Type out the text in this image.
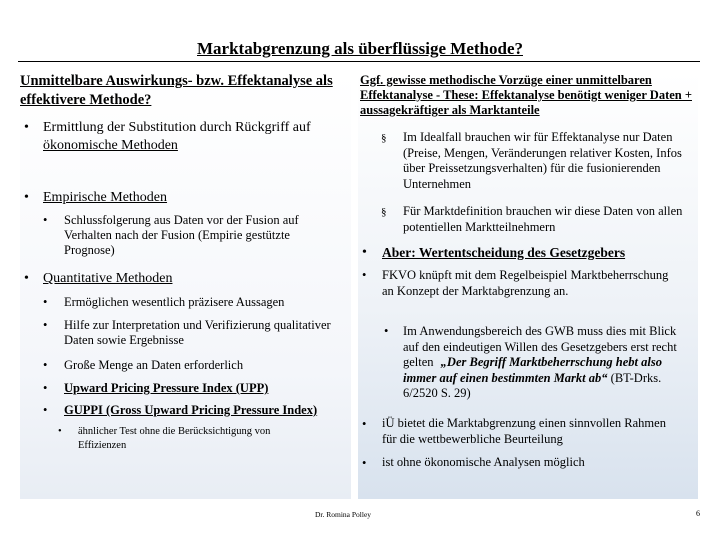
Marktabgrenzung als überflüssige Methode?
Unmittelbare Auswirkungs- bzw. Effektanalyse als effektivere Methode?
• Ermittlung der Substitution durch Rückgriff auf
ökonomische Methoden
• Empirische Methoden
• Schlussfolgerung aus Daten vor der Fusion auf Verhalten nach der Fusion (Empirie gestützte Prognose)
• Quantitative Methoden
• Ermöglichen wesentlich präzisere Aussagen
• Hilfe zur Interpretation und Verifizierung qualitativer Daten sowie Ergebnisse
• Große Menge an Daten erforderlich
• Upward Pricing Pressure Index (UPP)
• GUPPI (Gross Upward Pricing Pressure Index)
• ähnlicher Test ohne die Berücksichtigung von Effizienzen
Ggf. gewisse methodische Vorzüge einer unmittelbaren Effektanalyse - These: Effektanalyse benötigt weniger Daten + aussagekräftiger als Marktanteile
§ Im Idealfall brauchen wir für Effektanalyse nur Daten (Preise, Mengen, Veränderungen relativer Kosten, Infos über Preissetzungsverhalten) für die fusionierenden Unternehmen
§ Für Marktdefinition brauchen wir diese Daten von allen potentiellen Marktteilnehmern
• Aber: Wertentscheidung des Gesetzgebers
• FKVO knüpft mit dem Regelbeispiel Marktbeherrschung an Konzept der Marktabgrenzung an.
• Im Anwendungsbereich des GWB muss dies mit Blick auf den eindeutigen Willen des Gesetzgebers erst recht gelten „Der Begriff Marktbeherrschung hebt also immer auf einen bestimmten Markt ab“ (BT-Drks. 6/2520 S. 29)
• iÜ bietet die Marktabgrenzung einen sinnvollen Rahmen für die wettbewerbliche Beurteilung
• ist ohne ökonomische Analysen möglich
Dr. Romina Polley	6
